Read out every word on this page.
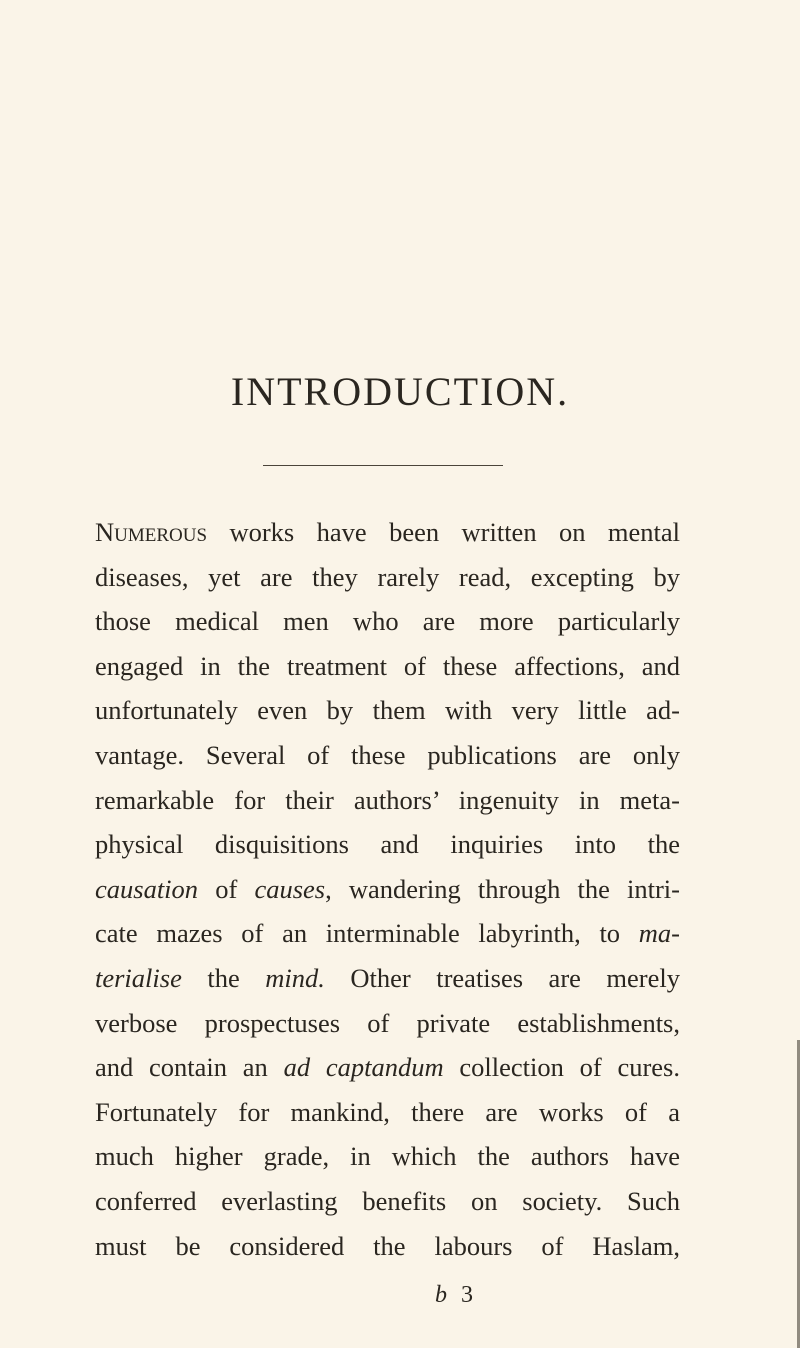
INTRODUCTION.
Numerous works have been written on mental
diseases, yet are they rarely read, excepting by
those medical men who are more particularly
engaged in the treatment of these affections, and
unfortunately even by them with very little ad-
vantage. Several of these publications are only
remarkable for their authors’ ingenuity in meta-
physical disquisitions and inquiries into the
causation of causes, wandering through the intri-
cate mazes of an interminable labyrinth, to ma-
terialise the mind. Other treatises are merely
verbose prospectuses of private establishments,
and contain an ad captandum collection of cures.
Fortunately for mankind, there are works of a
much higher grade, in which the authors have
conferred everlasting benefits on society. Such
must be considered the labours of Haslam,
b 3
